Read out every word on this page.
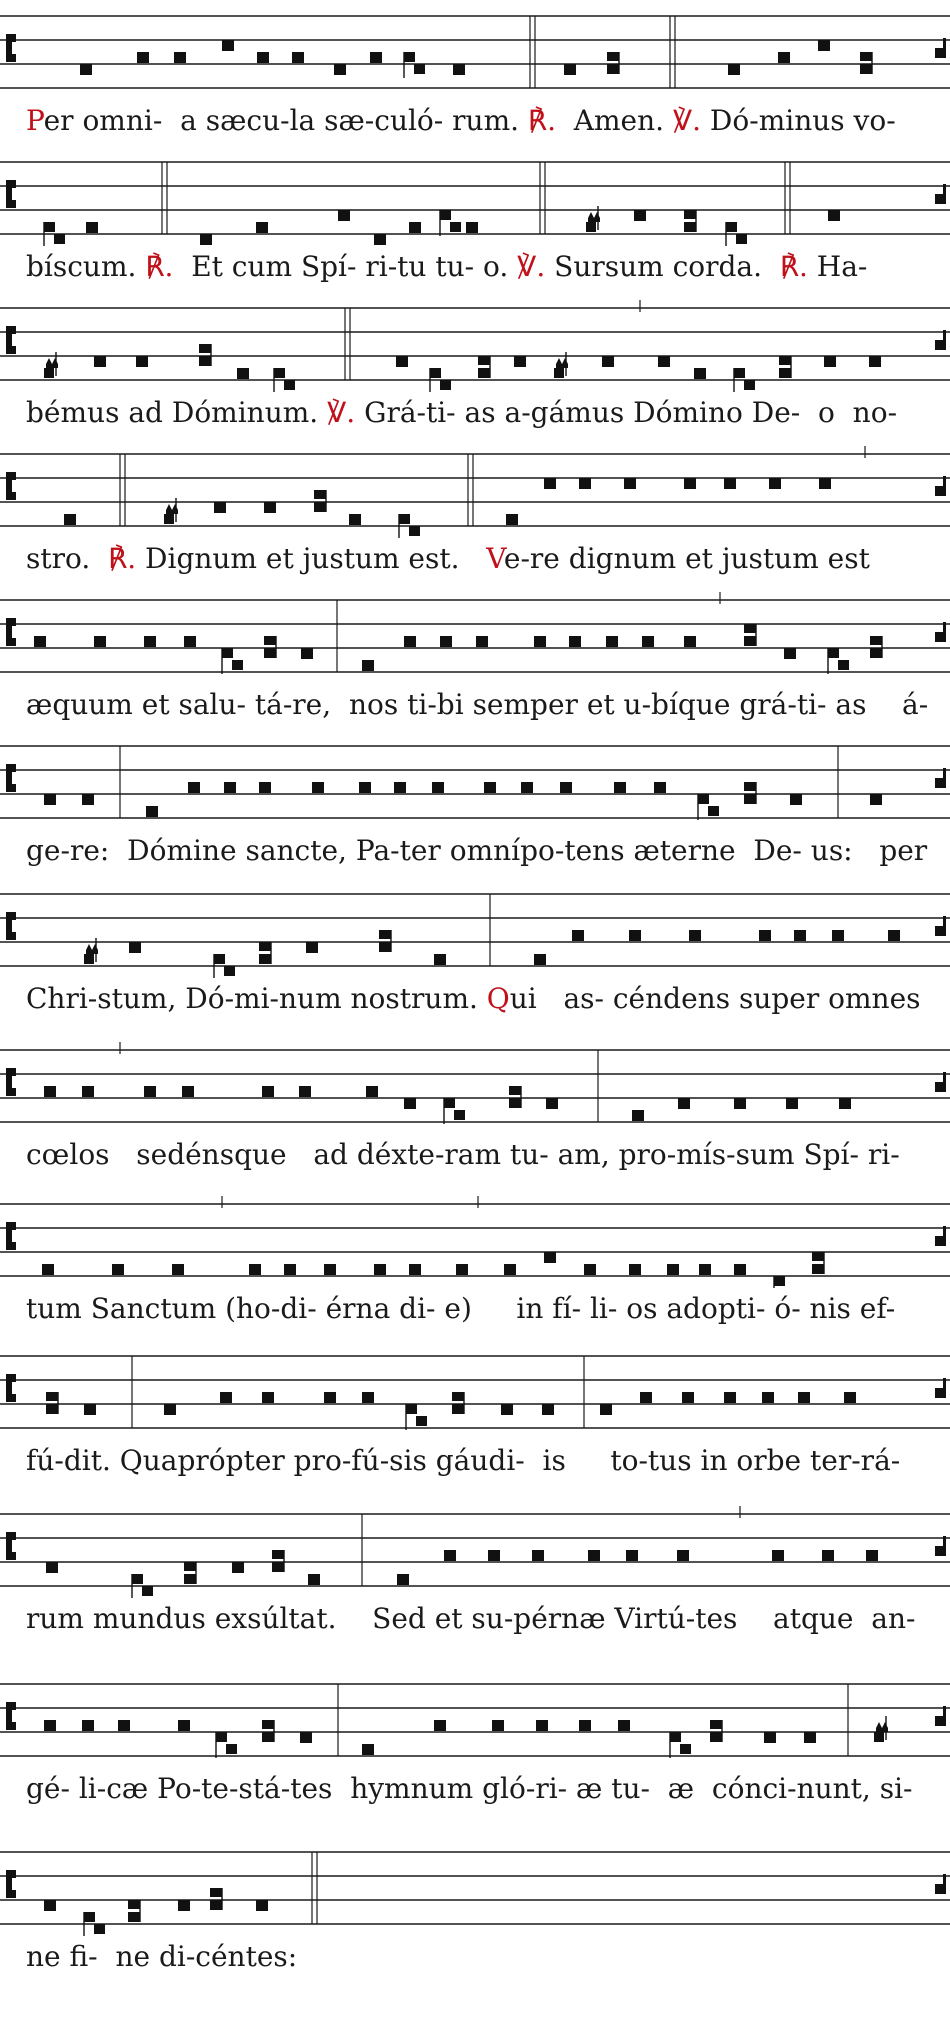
Per omni-  a sæcu-la sæ-culó- rum. ℟.  Amen. ℣. Dó-minus vo-
bíscum. ℟.  Et cum Spí- ri-tu tu- o. ℣. Sursum corda.  ℟. Ha-
bémus ad Dóminum. ℣. Grá-ti- as a-gámus Dómino De-  o  no-
stro.  ℟. Dignum et justum est.   Ve-re dignum et justum est
æquum et salu- tá-re,  nos ti-bi semper et u-bíque grá-ti- as    á-
ge-re:  Dómine sancte, Pa-ter omnípo-tens æterne  De- us:   per
Chri-stum, Dó-mi-num nostrum. Qui   as- céndens super omnes
cœlos   sedénsque   ad déxte-ram tu- am, pro-mís-sum Spí- ri-
tum Sanctum (ho-di- érna di- e)     in fí- li- os adopti- ó- nis ef-
fú-dit. Quaprópter pro-fú-sis gáudi-  is     to-tus in orbe ter-rá-
rum mundus exsúltat.    Sed et su-pérnæ Virtú-tes    atque  an-
gé- li-cæ Po-te-stá-tes  hymnum gló-ri- æ tu-  æ  cónci-nunt, si-
ne fi-  ne di-céntes:
